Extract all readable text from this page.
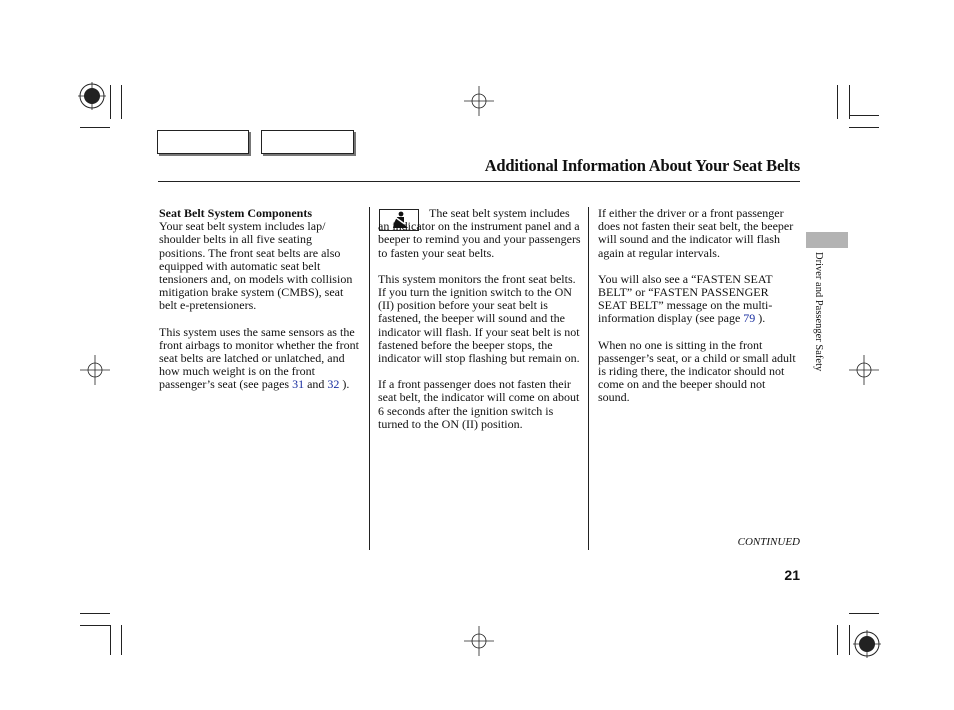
Additional Information About Your Seat Belts

Seat Belt System Components
Your seat belt system includes lap/ shoulder belts in all five seating positions. The front seat belts are also equipped with automatic seat belt tensioners and, on models with collision mitigation brake system (CMBS), seat belt e-pretensioners.

This system uses the same sensors as the front airbags to monitor whether the front seat belts are latched or unlatched, and how much weight is on the front passenger’s seat (see pages 31 and 32 ).

The seat belt system includes an indicator on the instrument panel and a beeper to remind you and your passengers to fasten your seat belts.

This system monitors the front seat belts. If you turn the ignition switch to the ON (II) position before your seat belt is fastened, the beeper will sound and the indicator will flash. If your seat belt is not fastened before the beeper stops, the indicator will stop flashing but remain on.

If a front passenger does not fasten their seat belt, the indicator will come on about 6 seconds after the ignition switch is turned to the ON (II) position.

If either the driver or a front passenger does not fasten their seat belt, the beeper will sound and the indicator will flash again at regular intervals.

You will also see a “FASTEN SEAT BELT” or “FASTEN PASSENGER SEAT BELT” message on the multi-information display (see page 79 ).

When no one is sitting in the front passenger’s seat, or a child or small adult is riding there, the indicator should not come on and the beeper should not sound.

Driver and Passenger Safety
CONTINUED
21
